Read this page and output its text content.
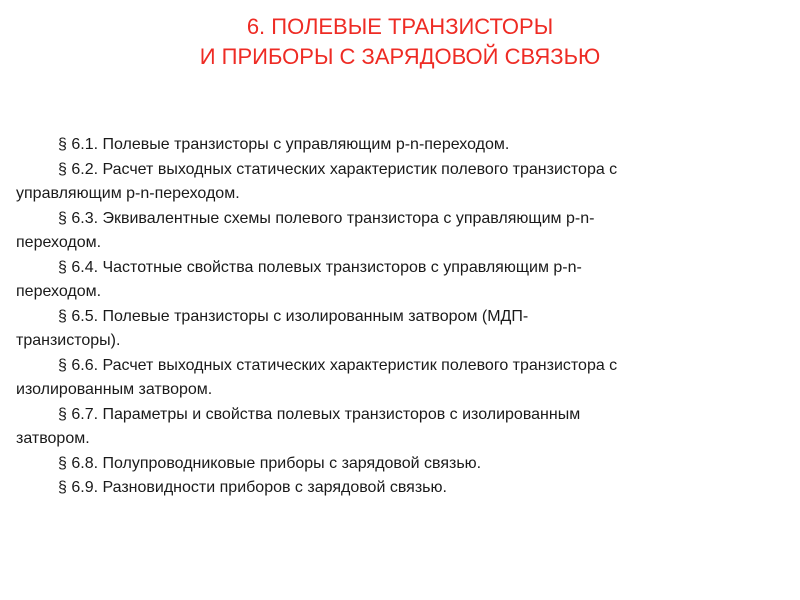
6. ПОЛЕВЫЕ ТРАНЗИСТОРЫ
И ПРИБОРЫ С ЗАРЯДОВОЙ СВЯЗЬЮ
§ 6.1. Полевые транзисторы с управляющим p-n-переходом.
§ 6.2. Расчет выходных статических характеристик полевого транзистора с
управляющим p-n-переходом.
§ 6.3. Эквивалентные схемы полевого транзистора с управляющим p-n-
переходом.
§ 6.4. Частотные свойства полевых транзисторов с управляющим p-n-
переходом.
§ 6.5. Полевые транзисторы с изолированным затвором (МДП-
транзисторы).
§ 6.6. Расчет выходных статических характеристик полевого транзистора с
изолированным затвором.
§ 6.7. Параметры и свойства полевых транзисторов с изолированным
затвором.
§ 6.8. Полупроводниковые приборы с зарядовой связью.
§ 6.9. Разновидности приборов с зарядовой связью.
